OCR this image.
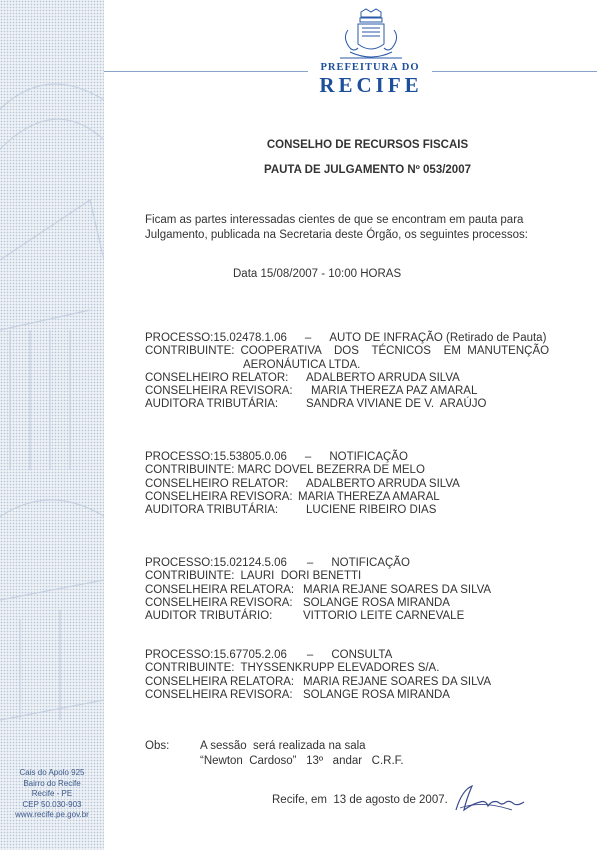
Cais do Apolo 925
Bairro do Recife
Recife - PE
CEP 50.030-903
www.recife.pe.gov.br
PREFEITURA DO
RECIFE
CONSELHO DE RECURSOS FISCAIS
PAUTA DE JULGAMENTO Nº 053/2007
Ficam as partes interessadas cientes de que se encontram em pauta para Julgamento, publicada na Secretaria deste Órgão, os seguintes processos:
Data 15/08/2007 - 10:00 HORAS
PROCESSO:15.02478.1.06 – AUTO DE INFRAÇÃO (Retirado de Pauta)
CONTRIBUINTE: COOPERATIVA    DOS    TÉCNICOS    EM  MANUTENÇÃO
AERONÁUTICA LTDA.
CONSELHEIRO RELATOR:	ADALBERTO ARRUDA SILVA
CONSELHEIRA REVISORA:	MARIA THEREZA PAZ AMARAL
AUDITORA TRIBUTÁRIA:	SANDRA VIVIANE DE V.  ARAÚJO
PROCESSO:15.53805.0.06 – NOTIFICAÇÃO
CONTRIBUINTE: MARC DOVEL BEZERRA DE MELO
CONSELHEIRO RELATOR:	ADALBERTO ARRUDA SILVA
CONSELHEIRA REVISORA: MARIA THEREZA AMARAL
AUDITORA TRIBUTÁRIA:	LUCIENE RIBEIRO DIAS
PROCESSO:15.02124.5.06 – NOTIFICAÇÃO
CONTRIBUINTE: LAURI  DORI BENETTI
CONSELHEIRA RELATORA: MARIA REJANE SOARES DA SILVA
CONSELHEIRA REVISORA: SOLANGE ROSA MIRANDA
AUDITOR TRIBUTÁRIO:	VITTORIO LEITE CARNEVALE
PROCESSO:15.67705.2.06 – CONSULTA
CONTRIBUINTE: THYSSENKRUPP ELEVADORES S/A.
CONSELHEIRA RELATORA: MARIA REJANE SOARES DA SILVA
CONSELHEIRA REVISORA: SOLANGE ROSA MIRANDA
Obs:	A sessão  será realizada na sala
“Newton  Cardoso”   13º   andar   C.R.F.
Recife, em  13 de agosto de 2007.
